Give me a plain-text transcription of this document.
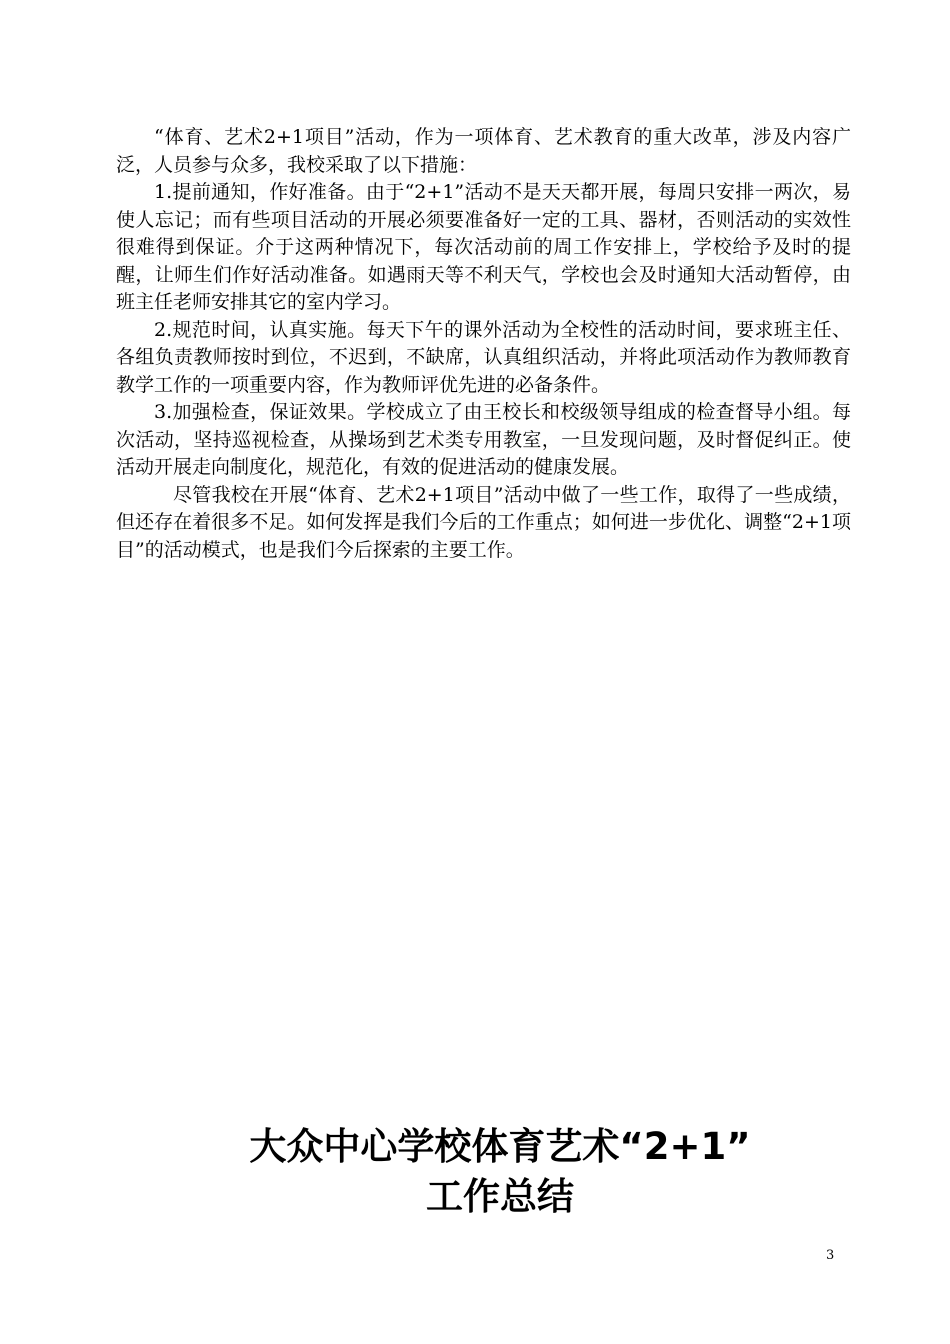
“体育、艺术2+1项目”活动，作为一项体育、艺术教育的重大改革，涉及内容广泛，人员参与众多，我校采取了以下措施：

1.提前通知，作好准备。由于“2+1”活动不是天天都开展，每周只安排一两次，易使人忘记；而有些项目活动的开展必须要准备好一定的工具、器材，否则活动的实效性很难得到保证。介于这两种情况下，每次活动前的周工作安排上，学校给予及时的提醒，让师生们作好活动准备。如遇雨天等不利天气，学校也会及时通知大活动暂停，由班主任老师安排其它的室内学习。

2.规范时间，认真实施。每天下午的课外活动为全校性的活动时间，要求班主任、各组负责教师按时到位，不迟到，不缺席，认真组织活动，并将此项活动作为教师教育教学工作的一项重要内容，作为教师评优先进的必备条件。

3.加强检查，保证效果。学校成立了由王校长和校级领导组成的检查督导小组。每次活动，坚持巡视检查，从操场到艺术类专用教室，一旦发现问题，及时督促纠正。使活动开展走向制度化，规范化，有效的促进活动的健康发展。

尽管我校在开展“体育、艺术2+1项目”活动中做了一些工作，取得了一些成绩，但还存在着很多不足。如何发挥是我们今后的工作重点；如何进一步优化、调整“2+1项目”的活动模式，也是我们今后探索的主要工作。

大众中心学校体育艺术“2+1”
工作总结
3
